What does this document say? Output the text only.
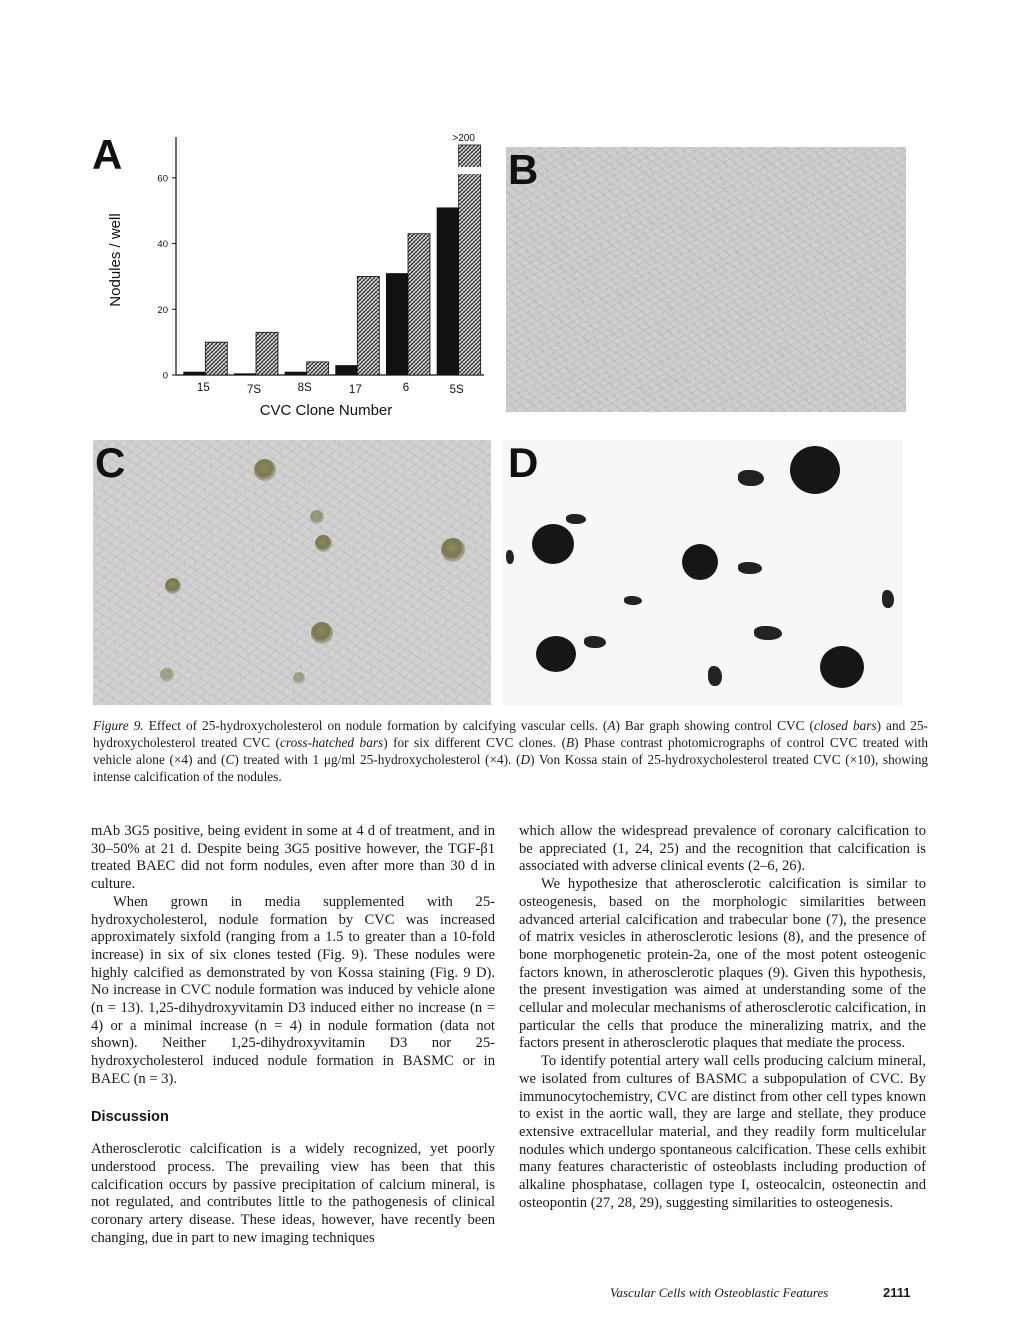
A
0
20
40
60
Nodules / well
15	7S	8S	17	6	5S
>200
CVC Clone Number
B
C	D
Figure 9. Effect of 25-hydroxycholesterol on nodule formation by calcifying vascular cells. (A) Bar graph showing control CVC (closed bars) and 25-hydroxycholesterol treated CVC (cross-hatched bars) for six different CVC clones. (B) Phase contrast photomicrographs of control CVC treated with vehicle alone (×4) and (C) treated with 1 μg/ml 25-hydroxycholesterol (×4). (D) Von Kossa stain of 25-hydroxycholesterol treated CVC (×10), showing intense calcification of the nodules.

mAb 3G5 positive, being evident in some at 4 d of treatment, and in 30–50% at 21 d. Despite being 3G5 positive however, the TGF-β1 treated BAEC did not form nodules, even after more than 30 d in culture.

When grown in media supplemented with 25-hydroxycholesterol, nodule formation by CVC was increased approximately sixfold (ranging from a 1.5 to greater than a 10-fold increase) in six of six clones tested (Fig. 9). These nodules were highly calcified as demonstrated by von Kossa staining (Fig. 9 D). No increase in CVC nodule formation was induced by vehicle alone (n = 13). 1,25-dihydroxyvitamin D3 induced either no increase (n = 4) or a minimal increase (n = 4) in nodule formation (data not shown). Neither 1,25-dihydroxyvitamin D3 nor 25-hydroxycholesterol induced nodule formation in BASMC or in BAEC (n = 3).

Discussion

Atherosclerotic calcification is a widely recognized, yet poorly understood process. The prevailing view has been that this calcification occurs by passive precipitation of calcium mineral, is not regulated, and contributes little to the pathogenesis of clinical coronary artery disease. These ideas, however, have recently been changing, due in part to new imaging techniques

which allow the widespread prevalence of coronary calcification to be appreciated (1, 24, 25) and the recognition that calcification is associated with adverse clinical events (2–6, 26).

We hypothesize that atherosclerotic calcification is similar to osteogenesis, based on the morphologic similarities between advanced arterial calcification and trabecular bone (7), the presence of matrix vesicles in atherosclerotic lesions (8), and the presence of bone morphogenetic protein-2a, one of the most potent osteogenic factors known, in atherosclerotic plaques (9). Given this hypothesis, the present investigation was aimed at understanding some of the cellular and molecular mechanisms of atherosclerotic calcification, in particular the cells that produce the mineralizing matrix, and the factors present in atherosclerotic plaques that mediate the process.

To identify potential artery wall cells producing calcium mineral, we isolated from cultures of BASMC a subpopulation of CVC. By immunocytochemistry, CVC are distinct from other cell types known to exist in the aortic wall, they are large and stellate, they produce extensive extracellular material, and they readily form multicelular nodules which undergo spontaneous calcification. These cells exhibit many features characteristic of osteoblasts including production of alkaline phosphatase, collagen type I, osteocalcin, osteonectin and osteopontin (27, 28, 29), suggesting similarities to osteogenesis.

Vascular Cells with Osteoblastic Features	2111
